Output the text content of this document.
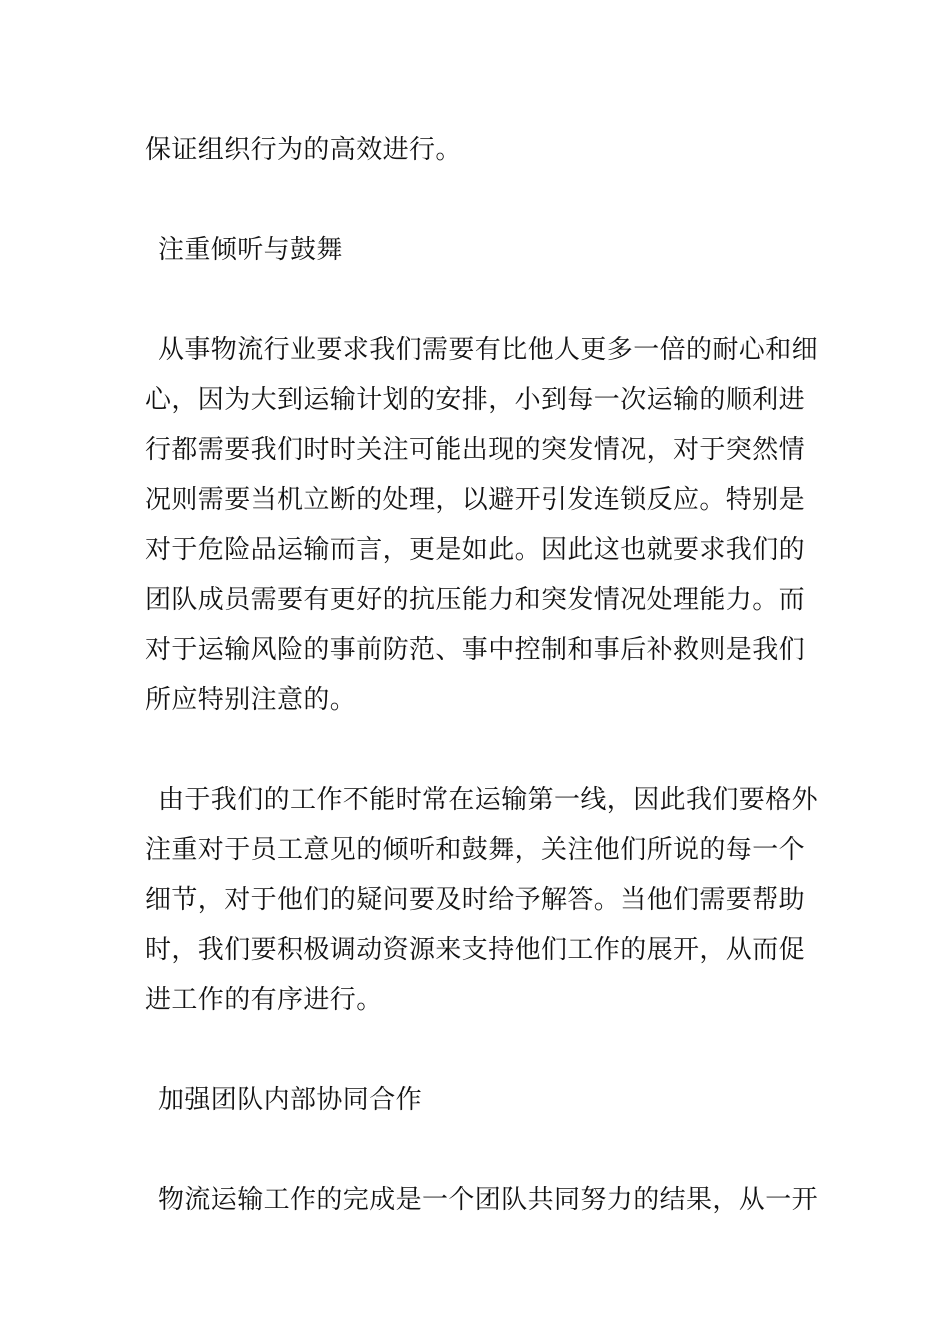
保证组织行为的高效进行。
注重倾听与鼓舞
从事物流行业要求我们需要有比他人更多一倍的耐心和细
心，因为大到运输计划的安排，小到每一次运输的顺利进
行都需要我们时时关注可能出现的突发情况，对于突然情
况则需要当机立断的处理，以避开引发连锁反应。特别是
对于危险品运输而言，更是如此。因此这也就要求我们的
团队成员需要有更好的抗压能力和突发情况处理能力。而
对于运输风险的事前防范、事中控制和事后补救则是我们
所应特别注意的。
由于我们的工作不能时常在运输第一线，因此我们要格外
注重对于员工意见的倾听和鼓舞，关注他们所说的每一个
细节，对于他们的疑问要及时给予解答。当他们需要帮助
时，我们要积极调动资源来支持他们工作的展开，从而促
进工作的有序进行。
加强团队内部协同合作
物流运输工作的完成是一个团队共同努力的结果，从一开
